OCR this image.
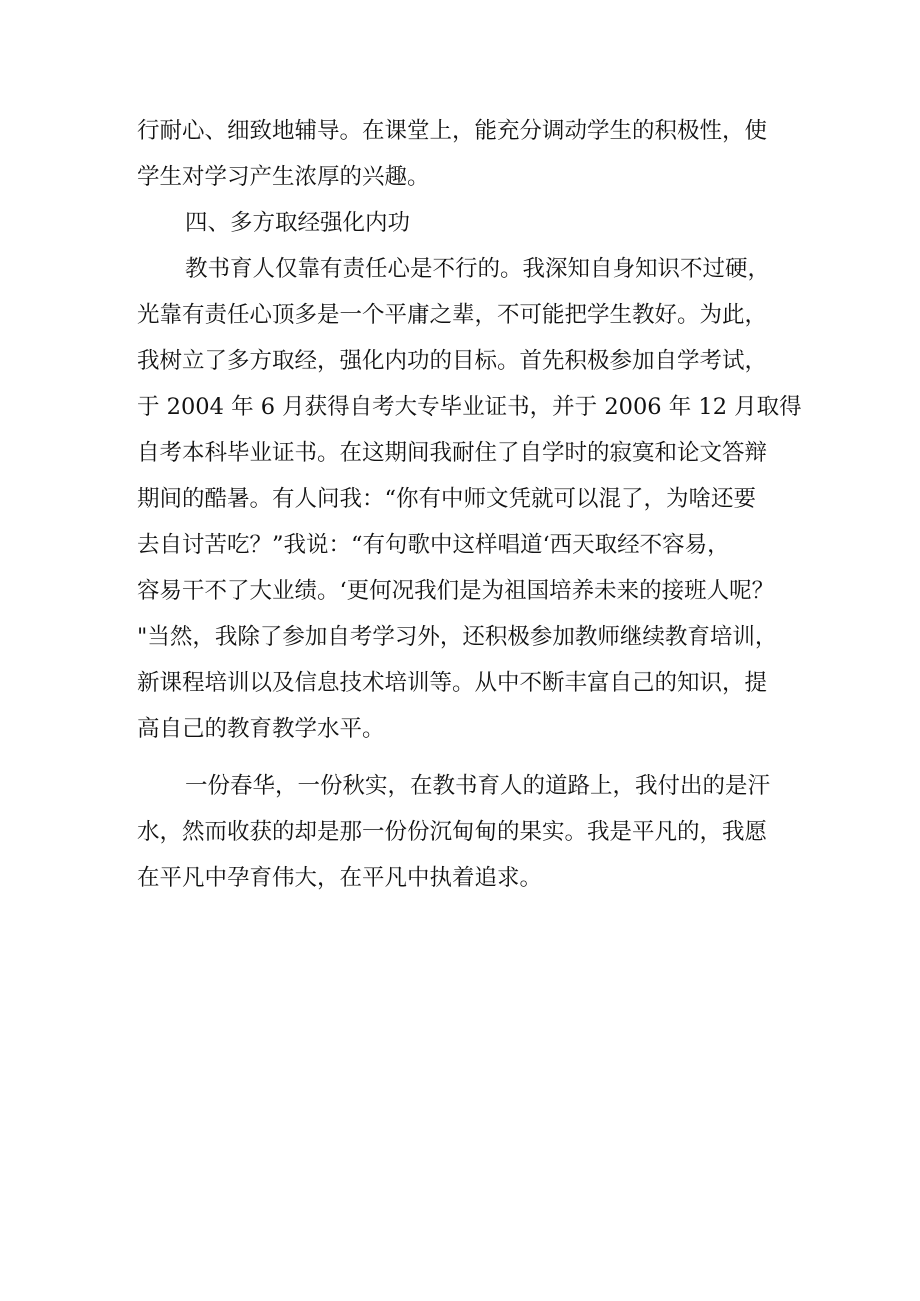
行耐心、细致地辅导。在课堂上，能充分调动学生的积极性，使
学生对学习产生浓厚的兴趣。
四、多方取经强化内功
教书育人仅靠有责任心是不行的。我深知自身知识不过硬，
光靠有责任心顶多是一个平庸之辈，不可能把学生教好。为此，
我树立了多方取经，强化内功的目标。首先积极参加自学考试，
于 2004 年 6 月获得自考大专毕业证书，并于 2006 年 12 月取得
自考本科毕业证书。在这期间我耐住了自学时的寂寞和论文答辩
期间的酷暑。有人问我：“你有中师文凭就可以混了，为啥还要
去自讨苦吃？”我说：“有句歌中这样唱道‘西天取经不容易，
容易干不了大业绩。‘更何况我们是为祖国培养未来的接班人呢？
"当然，我除了参加自考学习外，还积极参加教师继续教育培训，
新课程培训以及信息技术培训等。从中不断丰富自己的知识，提
高自己的教育教学水平。
一份春华，一份秋实，在教书育人的道路上，我付出的是汗
水，然而收获的却是那一份份沉甸甸的果实。我是平凡的，我愿
在平凡中孕育伟大，在平凡中执着追求。
